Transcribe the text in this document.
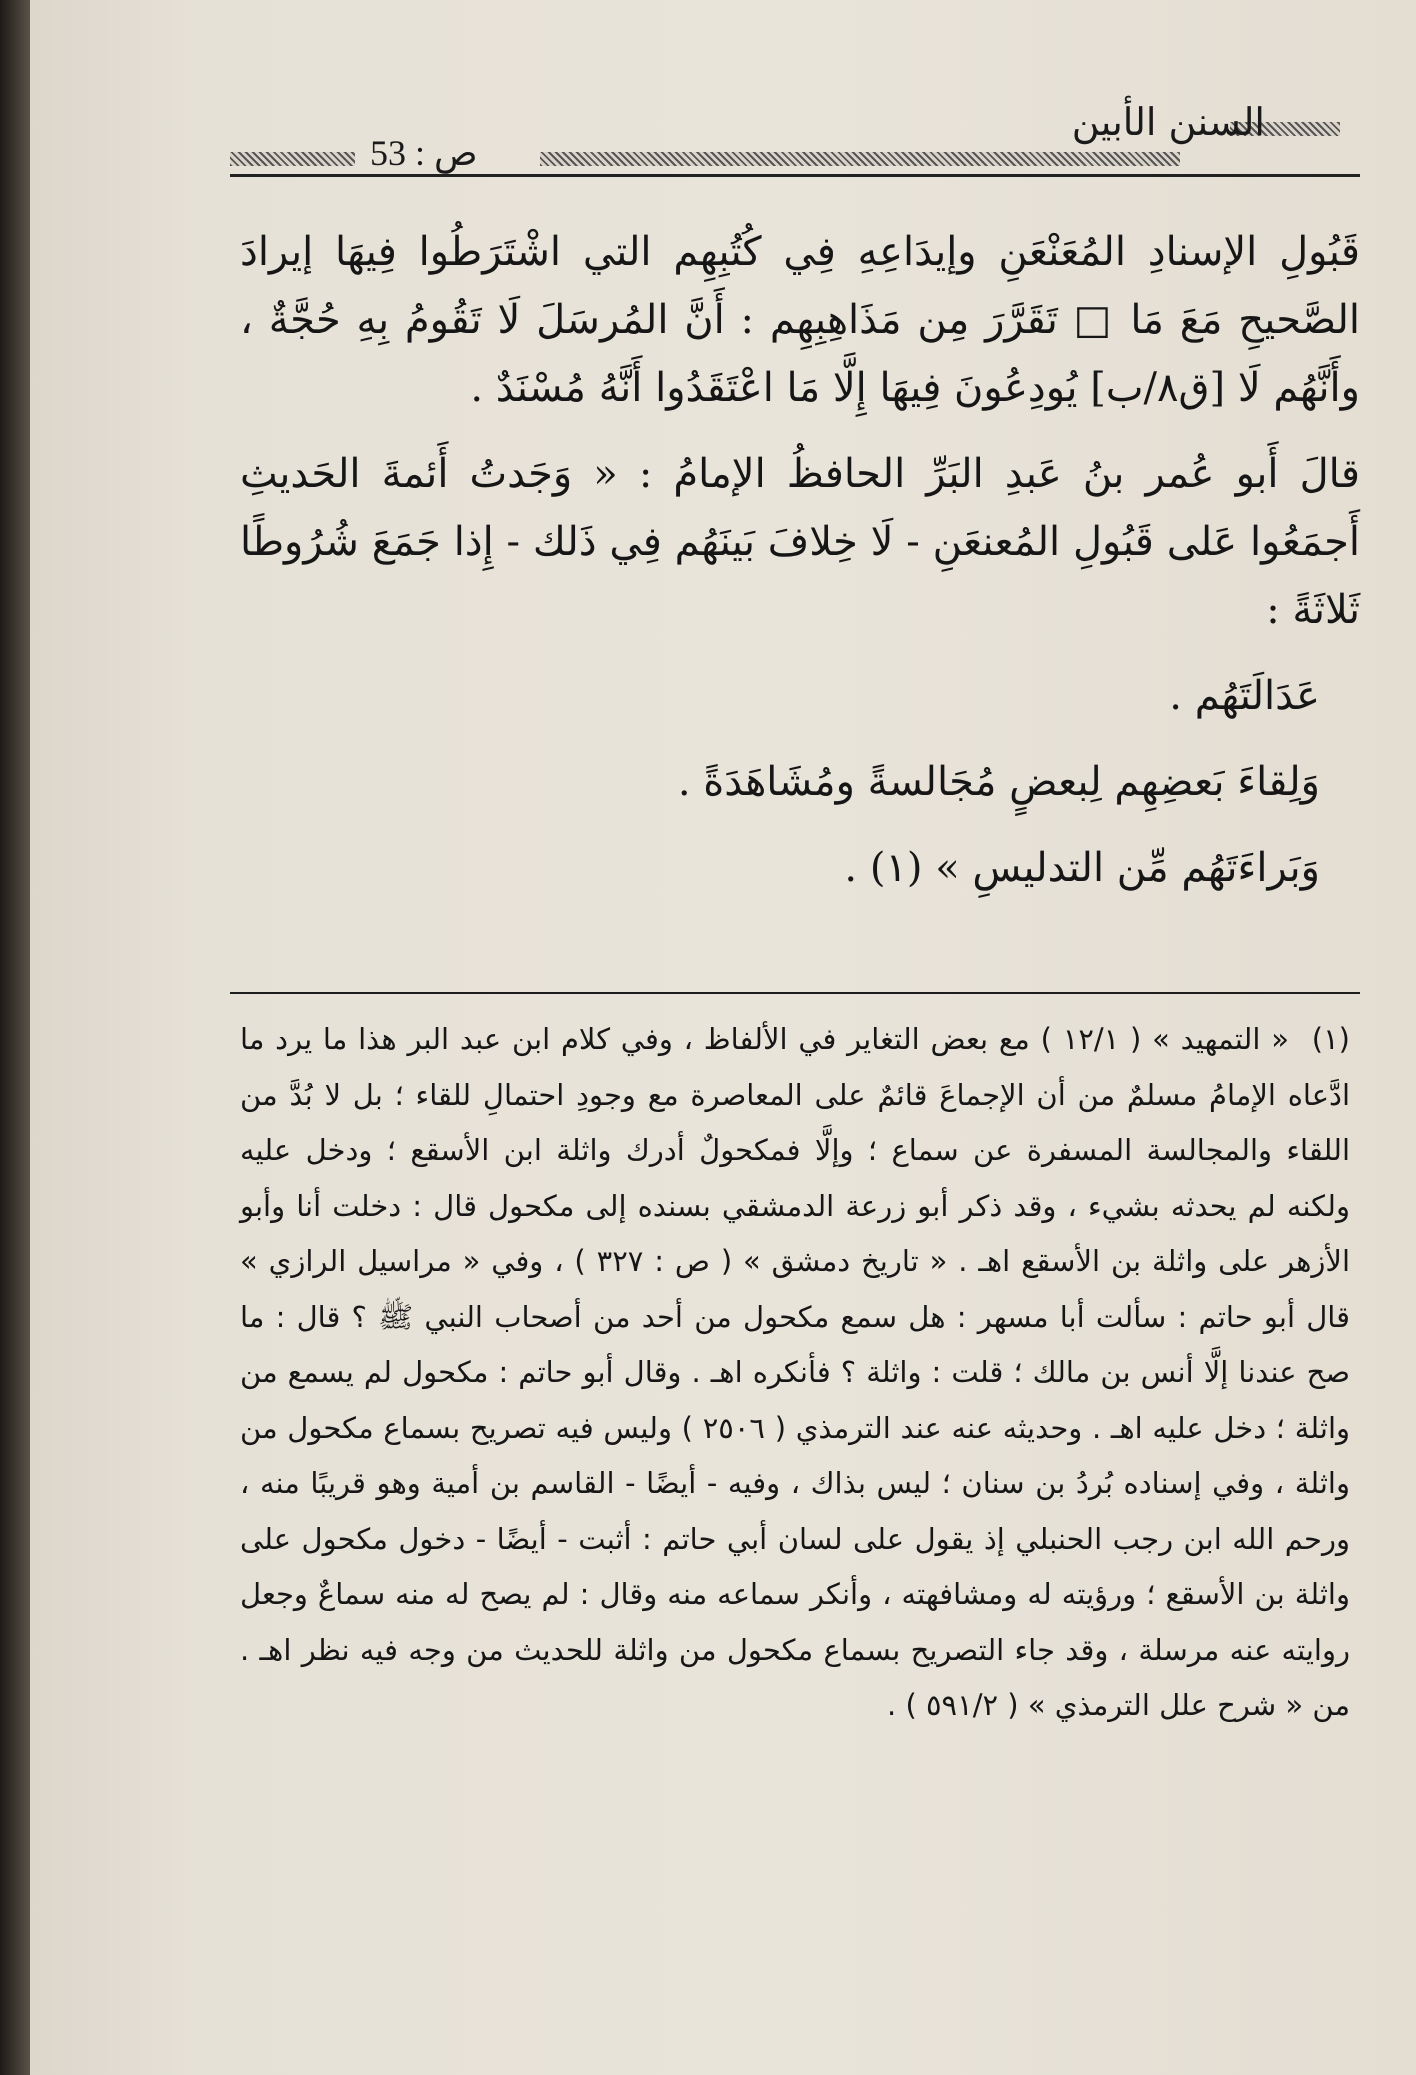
السنن الأبين
ص : 53

قَبُولِ الإسنادِ المُعَنْعَنِ وإيدَاعِهِ فِي كُتُبِهِم التي اشْتَرَطُوا فِيهَا إيرادَ الصَّحيحِ مَعَ مَا □ تَقَرَّرَ مِن مَذَاهِبِهِم : أَنَّ المُرسَلَ لَا تَقُومُ بِهِ حُجَّةٌ ، وأَنَّهُم لَا [ق٨/ب] يُودِعُونَ فِيهَا إِلَّا مَا اعْتَقَدُوا أَنَّهُ مُسْنَدٌ .

قالَ أَبو عُمر بنُ عَبدِ البَرِّ الحافظُ الإمامُ : « وَجَدتُ أَئمةَ الحَديثِ أَجمَعُوا عَلى قَبُولِ المُعنعَنِ - لَا خِلافَ بَينَهُم فِي ذَلك - إِذا جَمَعَ شُرُوطًا ثَلاثَةً :

عَدَالَتَهُم .

وَلِقاءَ بَعضِهِم لِبعضٍ مُجَالسةً ومُشَاهَدَةً .

وَبَراءَتَهُم مِّن التدليسِ » (١) .

(١) « التمهيد » ( ١٢/١ ) مع بعض التغاير في الألفاظ ، وفي كلام ابن عبد البر هذا ما يرد ما ادَّعاه الإمامُ مسلمٌ من أن الإجماعَ قائمٌ على المعاصرة مع وجودِ احتمالِ للقاء ؛ بل لا بُدَّ من اللقاء والمجالسة المسفرة عن سماع ؛ وإلَّا فمكحولٌ أدرك واثلة ابن الأسقع ؛ ودخل عليه ولكنه لم يحدثه بشيء ، وقد ذكر أبو زرعة الدمشقي بسنده إلى مكحول قال : دخلت أنا وأبو الأزهر على واثلة بن الأسقع اهـ . « تاريخ دمشق » ( ص : ٣٢٧ ) ، وفي « مراسيل الرازي » قال أبو حاتم : سألت أبا مسهر : هل سمع مكحول من أحد من أصحاب النبي ﷺ ؟ قال : ما صح عندنا إلَّا أنس بن مالك ؛ قلت : واثلة ؟ فأنكره اهـ . وقال أبو حاتم : مكحول لم يسمع من واثلة ؛ دخل عليه اهـ . وحديثه عنه عند الترمذي ( ٢٥٠٦ ) وليس فيه تصريح بسماع مكحول من واثلة ، وفي إسناده بُردُ بن سنان ؛ ليس بذاك ، وفيه - أيضًا - القاسم بن أمية وهو قريبًا منه ، ورحم الله ابن رجب الحنبلي إذ يقول على لسان أبي حاتم : أثبت - أيضًا - دخول مكحول على واثلة بن الأسقع ؛ ورؤيته له ومشافهته ، وأنكر سماعه منه وقال : لم يصح له منه سماعٌ وجعل روايته عنه مرسلة ، وقد جاء التصريح بسماع مكحول من واثلة للحديث من وجه فيه نظر اهـ . من « شرح علل الترمذي » ( ٥٩١/٢ ) .
